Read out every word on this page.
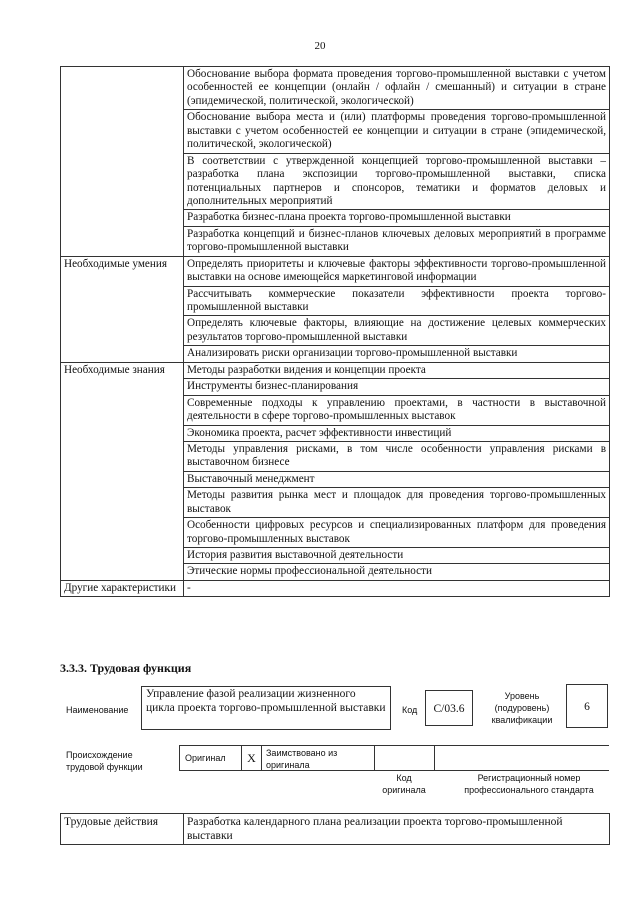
20
	Обоснование выбора формата проведения торгово-промышленной выставки с учетом особенностей ее концепции (онлайн / офлайн / смешанный) и ситуации в стране (эпидемической, политической, экологической)
	Обоснование выбора места и (или) платформы проведения торгово-промышленной выставки с учетом особенностей ее концепции и ситуации в стране (эпидемической, политической, экологической)
	В соответствии с утвержденной концепцией торгово-промышленной выставки – разработка плана экспозиции торгово-промышленной выставки, списка потенциальных партнеров и спонсоров, тематики и форматов деловых и дополнительных мероприятий
	Разработка бизнес-плана проекта торгово-промышленной выставки
	Разработка концепций и бизнес-планов ключевых деловых мероприятий в программе торгово-промышленной выставки
Необходимые умения	Определять приоритеты и ключевые факторы эффективности торгово-промышленной выставки на основе имеющейся маркетинговой информации
	Рассчитывать коммерческие показатели эффективности проекта торгово-промышленной выставки
	Определять ключевые факторы, влияющие на достижение целевых коммерческих результатов торгово-промышленной выставки
	Анализировать риски организации торгово-промышленной выставки
Необходимые знания	Методы разработки видения и концепции проекта
	Инструменты бизнес-планирования
	Современные подходы к управлению проектами, в частности в выставочной деятельности в сфере торгово-промышленных выставок
	Экономика проекта, расчет эффективности инвестиций
	Методы управления рисками, в том числе особенности управления рисками в выставочном бизнесе
	Выставочный менеджмент
	Методы развития рынка мест и площадок для проведения торгово-промышленных выставок
	Особенности цифровых ресурсов и специализированных платформ для проведения торгово-промышленных выставок
	История развития выставочной деятельности
	Этические нормы профессиональной деятельности
Другие характеристики	-
3.3.3. Трудовая функция
Наименование
Управление фазой реализации жизненного цикла проекта торгово-промышленной выставки	Код	C/03.6
Уровень (подуровень) квалификации
6
Происхождение трудовой функции
Оригинал	X	Заимствовано из оригинала
Код оригинала
Регистрационный номер профессионального стандарта
Трудовые действия	Разработка календарного плана реализации проекта торгово-промышленной выставки
